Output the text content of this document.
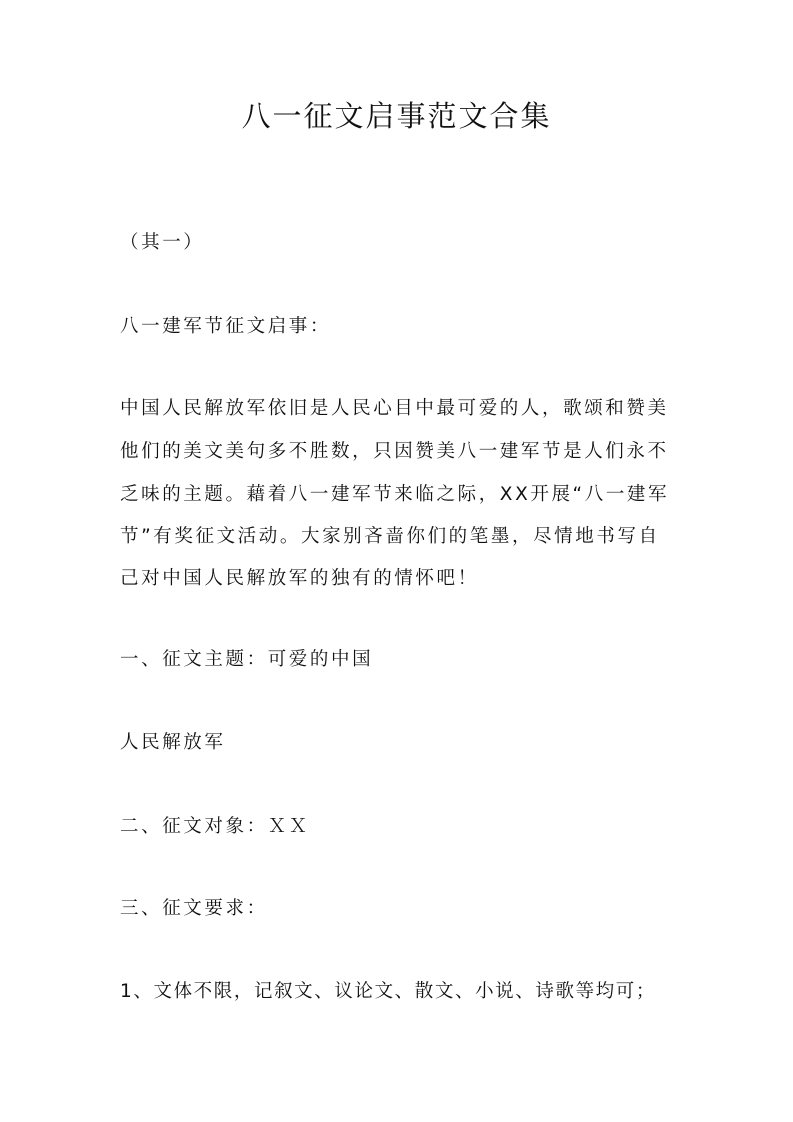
八一征文启事范文合集
（其一）
八一建军节征文启事：
中国人民解放军依旧是人民心目中最可爱的人，歌颂和赞美
他们的美文美句多不胜数，只因赞美八一建军节是人们永不
乏味的主题。藉着八一建军节来临之际，XX开展“八一建军
节”有奖征文活动。大家别吝啬你们的笔墨，尽情地书写自
己对中国人民解放军的独有的情怀吧！
一、征文主题：可爱的中国
人民解放军
二、征文对象：ＸＸ
三、征文要求：
1、文体不限，记叙文、议论文、散文、小说、诗歌等均可；
